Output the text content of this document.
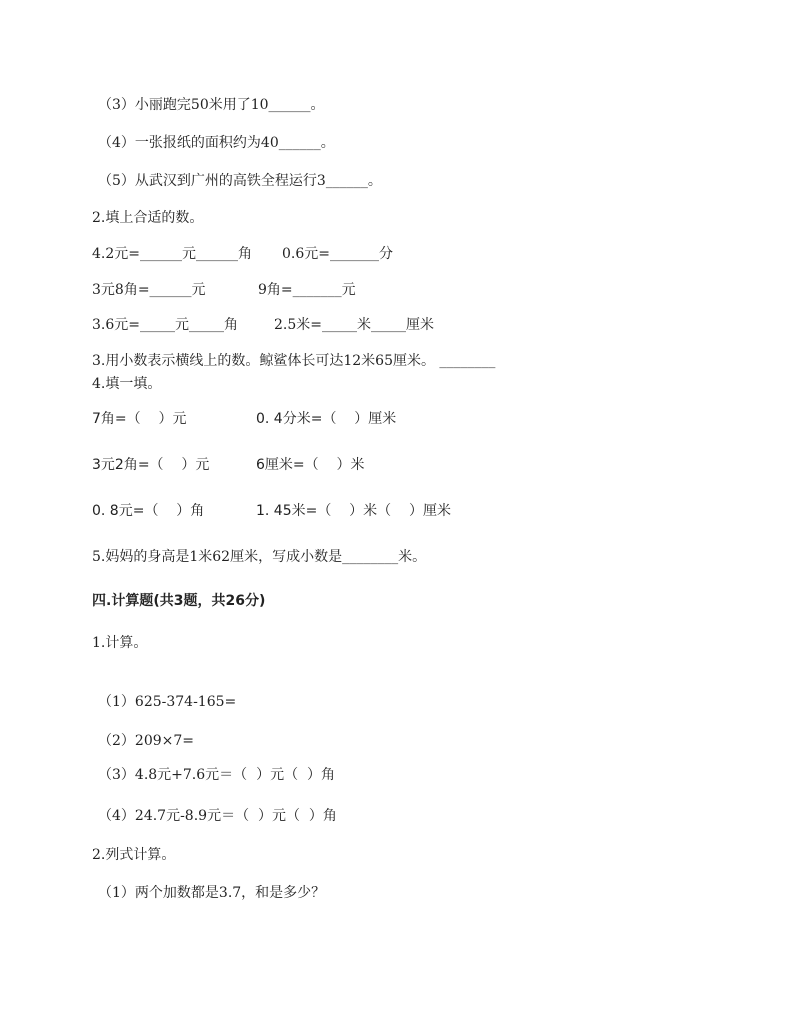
（3）小丽跑完50米用了10______。
（4）一张报纸的面积约为40______。
（5）从武汉到广州的高铁全程运行3______。
2.填上合适的数。
4.2元=______元______角 0.6元=_______分
3元8角=______元	9角=_______元
3.6元=_____元_____角	2.5米=_____米_____厘米
3.用小数表示横线上的数。鲸鲨体长可达12米65厘米。 ________
4.填一填。
7角=（    ）元	0. 4分米=（    ）厘米
3元2角=（    ）元	6厘米=（    ）米
0. 8元=（    ）角	1. 45米=（    ）米（    ）厘米
5.妈妈的身高是1米62厘米，写成小数是________米。
四.计算题(共3题，共26分)
1.计算。
（1）625-374-165=
（2）209×7=
（3）4.8元+7.6元＝（  ）元（  ）角
（4）24.7元-8.9元＝（  ）元（  ）角
2.列式计算。
（1）两个加数都是3.7，和是多少？
